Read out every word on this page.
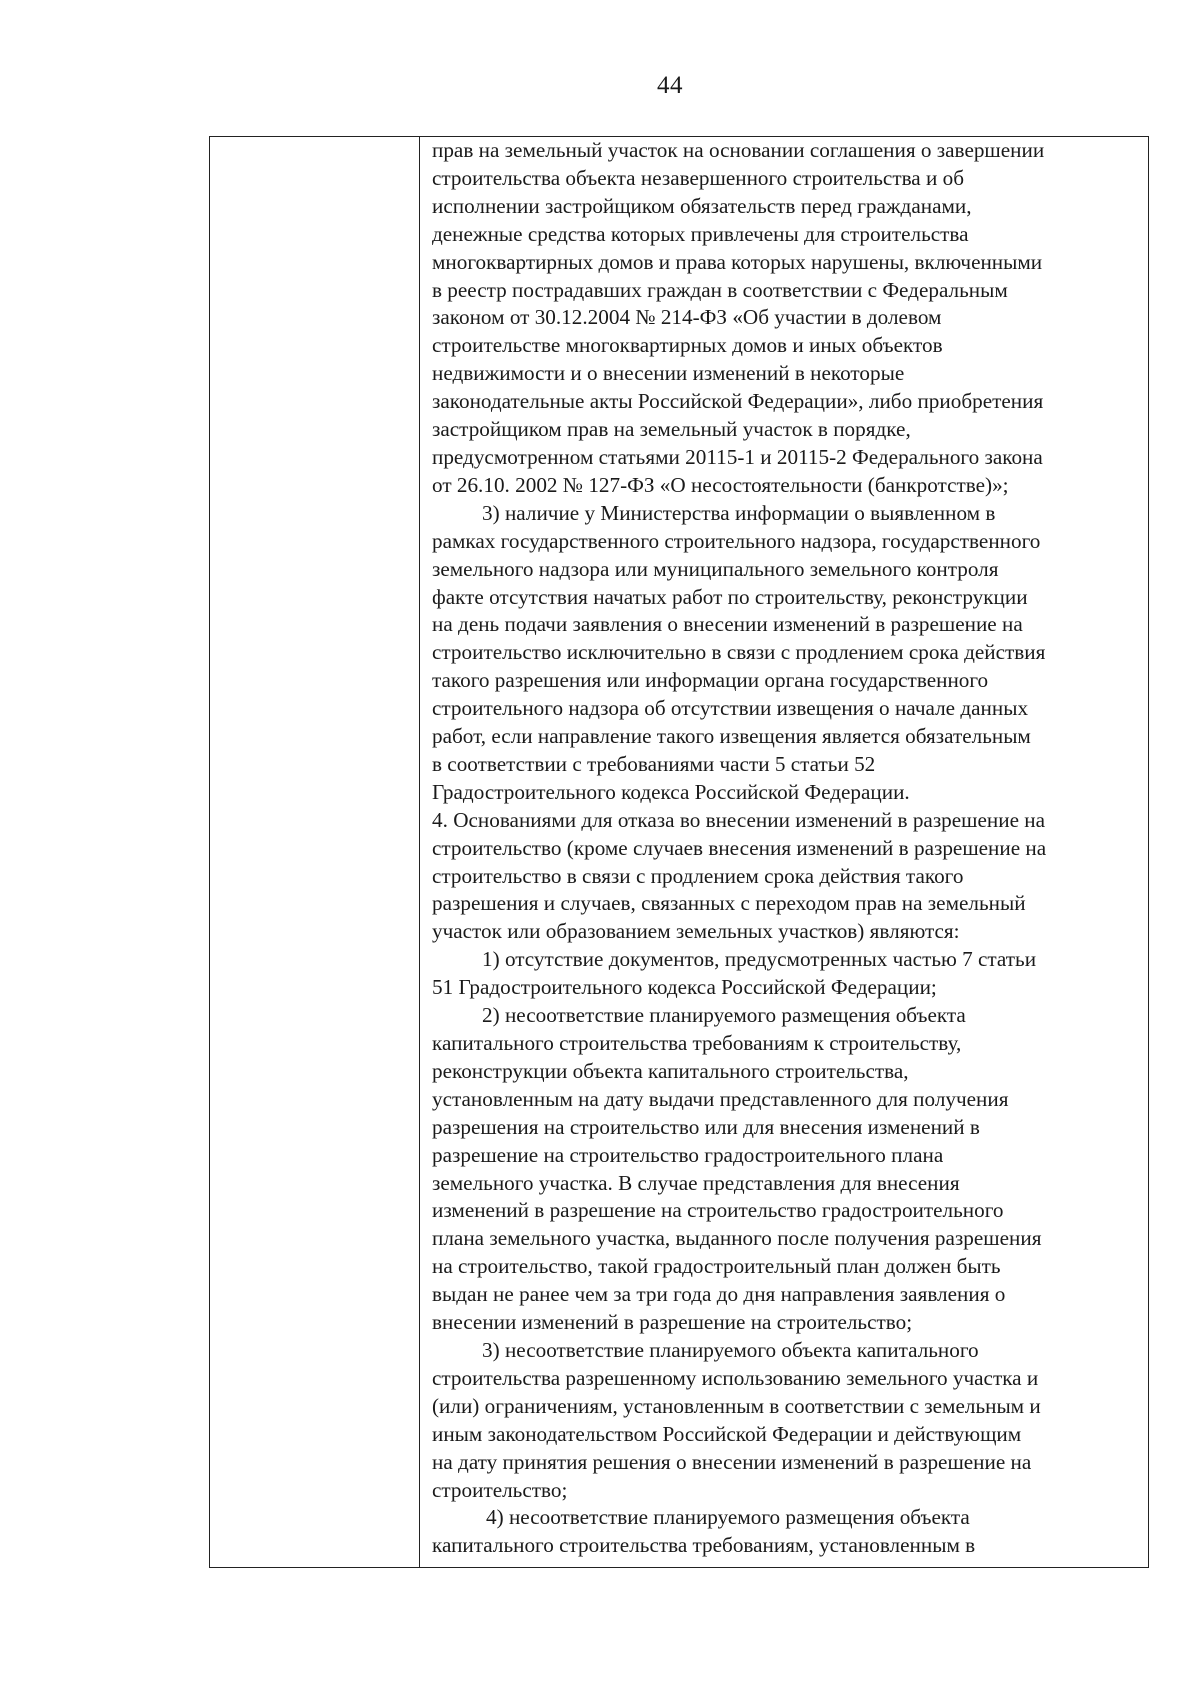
44
прав на земельный участок на основании соглашения о завершении
строительства объекта незавершенного строительства и об
исполнении застройщиком обязательств перед гражданами,
денежные средства которых привлечены для строительства
многоквартирных домов и права которых нарушены, включенными
в реестр пострадавших граждан в соответствии с Федеральным
законом от 30.12.2004 № 214-ФЗ «Об участии в долевом
строительстве многоквартирных домов и иных объектов
недвижимости и о внесении изменений в некоторые
законодательные акты Российской Федерации», либо приобретения
застройщиком прав на земельный участок в порядке,
предусмотренном статьями 20115-1 и 20115-2 Федерального закона
от 26.10. 2002 № 127-ФЗ «О несостоятельности (банкротстве)»;
3) наличие у Министерства информации о выявленном в
рамках государственного строительного надзора, государственного
земельного надзора или муниципального земельного контроля
факте отсутствия начатых работ по строительству, реконструкции
на день подачи заявления о внесении изменений в разрешение на
строительство исключительно в связи с продлением срока действия
такого разрешения или информации органа государственного
строительного надзора об отсутствии извещения о начале данных
работ, если направление такого извещения является обязательным
в соответствии с требованиями части 5 статьи 52
Градостроительного кодекса Российской Федерации.
4. Основаниями для отказа во внесении изменений в разрешение на
строительство (кроме случаев внесения изменений в разрешение на
строительство в связи с продлением срока действия такого
разрешения и случаев, связанных с переходом прав на земельный
участок или образованием земельных участков) являются:
1) отсутствие документов, предусмотренных частью 7 статьи
51 Градостроительного кодекса Российской Федерации;
2) несоответствие планируемого размещения объекта
капитального строительства требованиям к строительству,
реконструкции объекта капитального строительства,
установленным на дату выдачи представленного для получения
разрешения на строительство или для внесения изменений в
разрешение на строительство градостроительного плана
земельного участка. В случае представления для внесения
изменений в разрешение на строительство градостроительного
плана земельного участка, выданного после получения разрешения
на строительство, такой градостроительный план должен быть
выдан не ранее чем за три года до дня направления заявления о
внесении изменений в разрешение на строительство;
3) несоответствие планируемого объекта капитального
строительства разрешенному использованию земельного участка и
(или) ограничениям, установленным в соответствии с земельным и
иным законодательством Российской Федерации и действующим
на дату принятия решения о внесении изменений в разрешение на
строительство;
4) несоответствие планируемого размещения объекта
капитального строительства требованиям, установленным в
